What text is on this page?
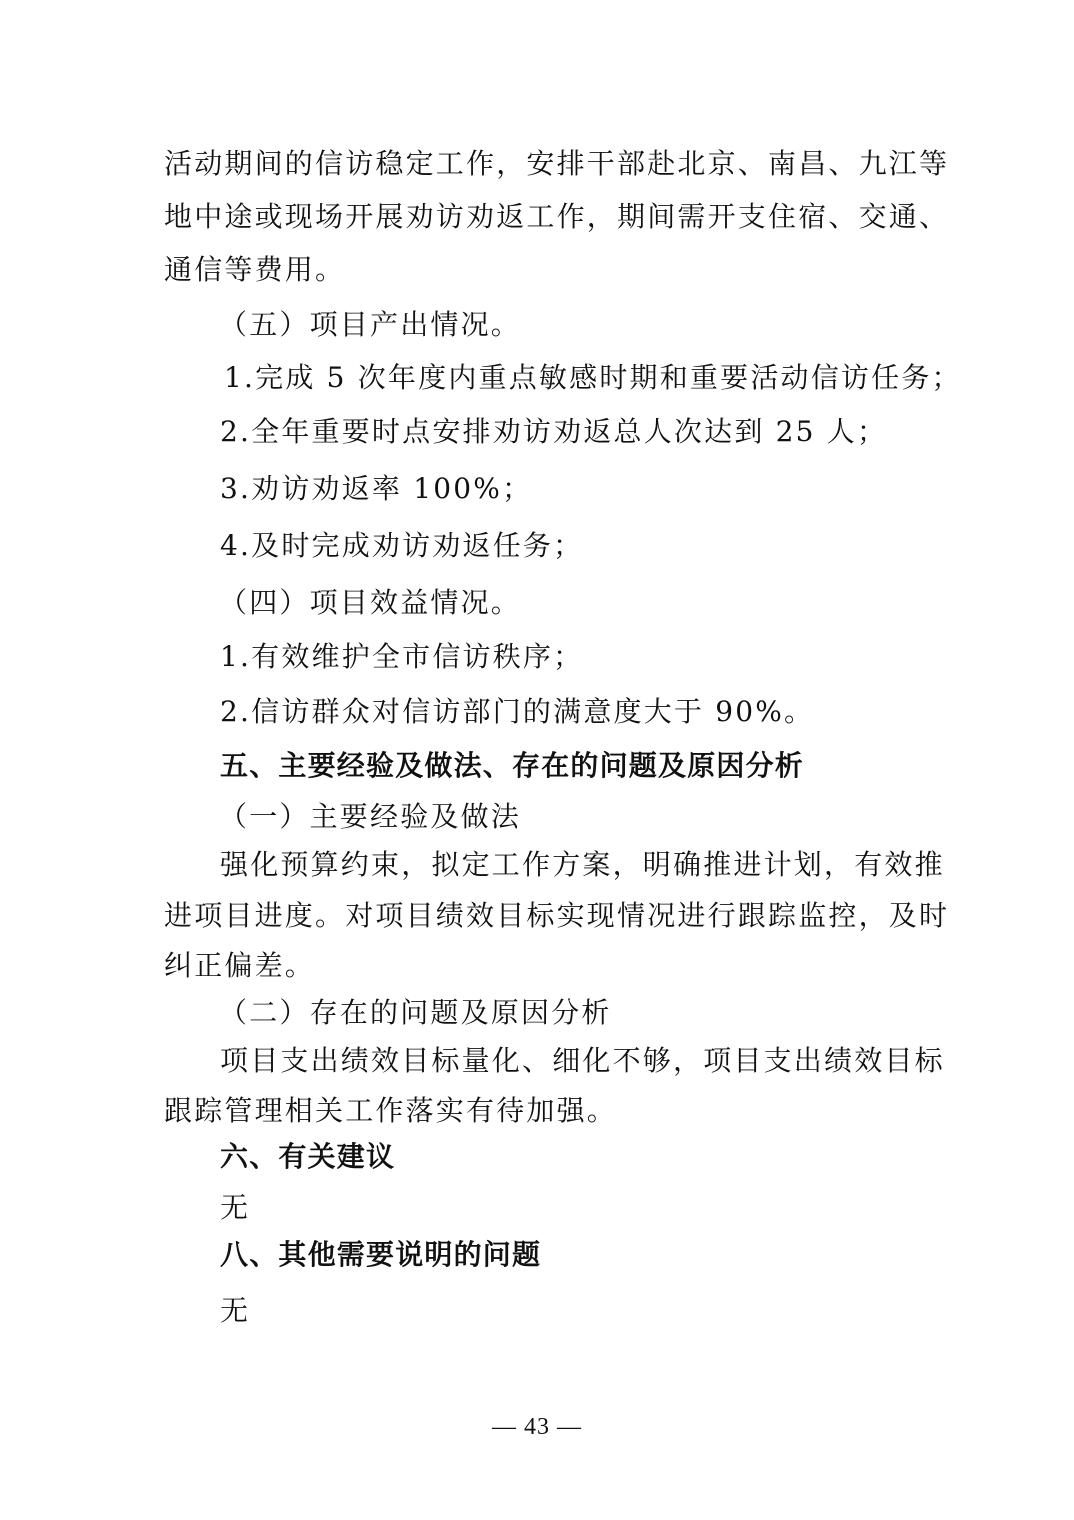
活动期间的信访稳定工作，安排干部赴北京、南昌、九江等
地中途或现场开展劝访劝返工作，期间需开支住宿、交通、
通信等费用。
（五）项目产出情况。
1.完成 5 次年度内重点敏感时期和重要活动信访任务；
2.全年重要时点安排劝访劝返总人次达到 25 人；
3.劝访劝返率 100%；
4.及时完成劝访劝返任务；
（四）项目效益情况。
1.有效维护全市信访秩序；
2.信访群众对信访部门的满意度大于 90%。
五、主要经验及做法、存在的问题及原因分析
（一）主要经验及做法
强化预算约束，拟定工作方案，明确推进计划，有效推
进项目进度。对项目绩效目标实现情况进行跟踪监控，及时
纠正偏差。
（二）存在的问题及原因分析
项目支出绩效目标量化、细化不够，项目支出绩效目标
跟踪管理相关工作落实有待加强。
六、有关建议
无
八、其他需要说明的问题
无
— 43 —
